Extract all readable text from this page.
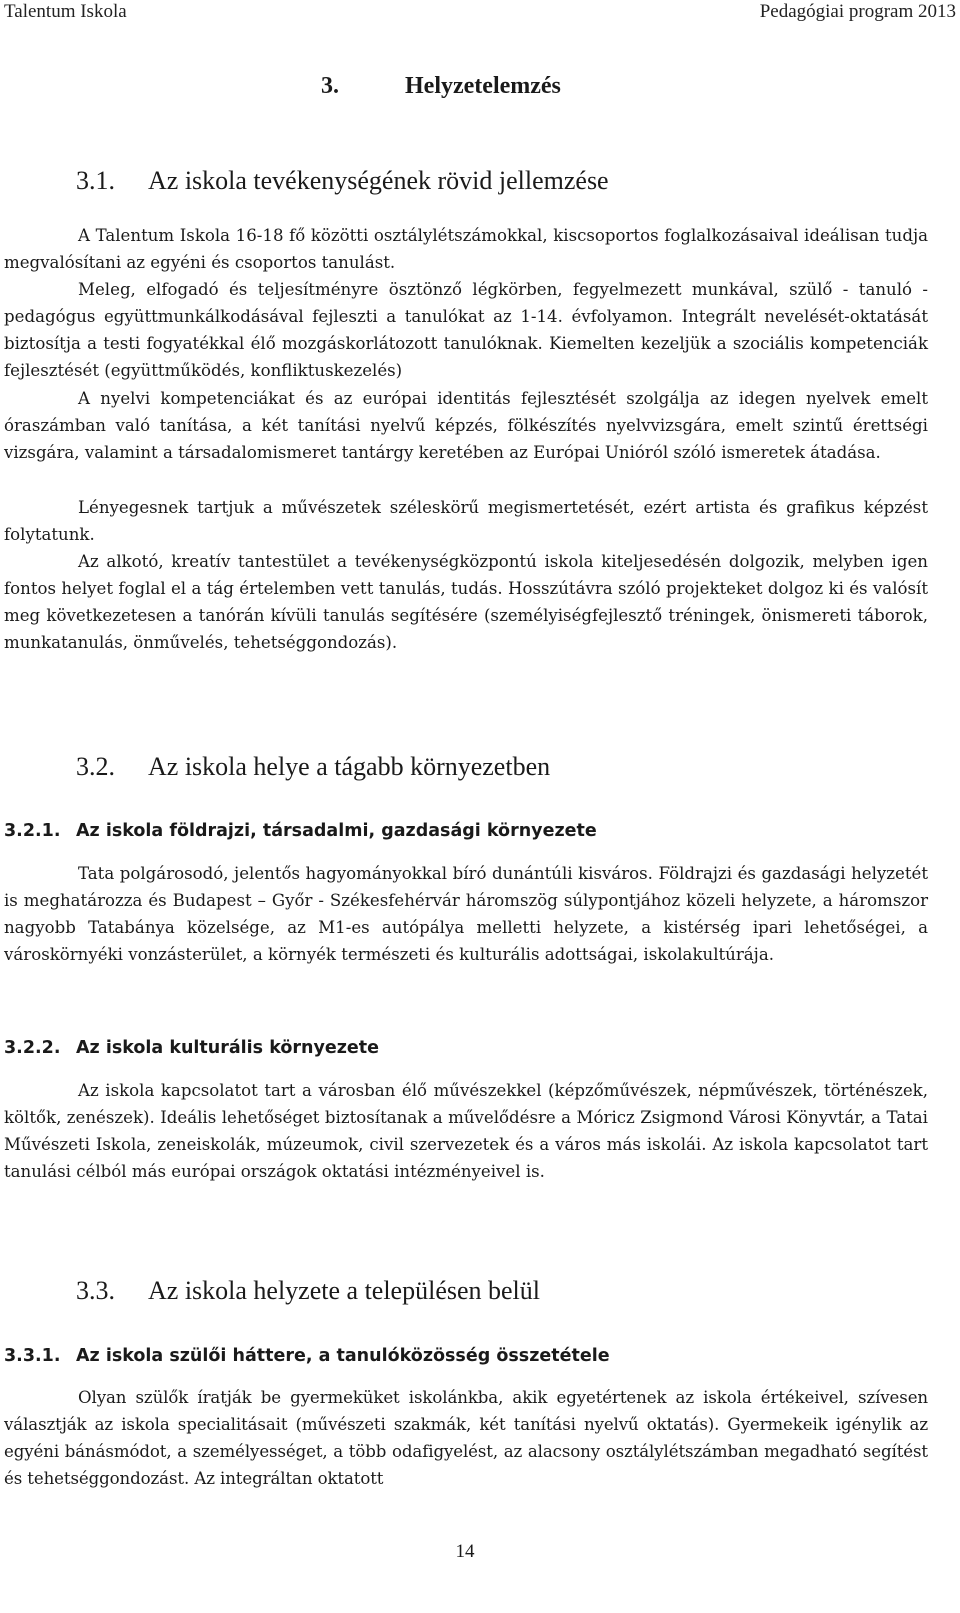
Talentum Iskola	Pedagógiai program 2013
3.	Helyzetelemzés
3.1. Az iskola tevékenységének rövid jellemzése

A Talentum Iskola 16-18 fő közötti osztálylétszámokkal, kiscsoportos foglalkozásaival ideálisan tudja megvalósítani az egyéni és csoportos tanulást.

Meleg, elfogadó és teljesítményre ösztönző légkörben, fegyelmezett munkával, szülő - tanuló - pedagógus együttmunkálkodásával fejleszti a tanulókat az 1-14. évfolyamon. Integrált nevelését-oktatását biztosítja a testi fogyatékkal élő mozgáskorlátozott tanulóknak. Kiemelten kezeljük a szociális kompetenciák fejlesztését (együttműködés, konfliktuskezelés)

A nyelvi kompetenciákat és az európai identitás fejlesztését szolgálja az idegen nyelvek emelt óraszámban való tanítása, a két tanítási nyelvű képzés, fölkészítés nyelvvizsgára, emelt szintű érettségi vizsgára, valamint a társadalomismeret tantárgy keretében az Európai Unióról szóló ismeretek átadása.

Lényegesnek tartjuk a művészetek széleskörű megismertetését, ezért artista és grafikus képzést folytatunk.

Az alkotó, kreatív tantestület a tevékenységközpontú iskola kiteljesedésén dolgozik, melyben igen fontos helyet foglal el a tág értelemben vett tanulás, tudás. Hosszútávra szóló projekteket dolgoz ki és valósít meg következetesen a tanórán kívüli tanulás segítésére (személyiségfejlesztő tréningek, önismereti táborok, munkatanulás, önművelés, tehetséggondozás).

3.2. Az iskola helye a tágabb környezetben
3.2.1. Az iskola földrajzi, társadalmi, gazdasági környezete

Tata polgárosodó, jelentős hagyományokkal bíró dunántúli kisváros. Földrajzi és gazdasági helyzetét is meghatározza és Budapest – Győr - Székesfehérvár háromszög súlypontjához közeli helyzete, a háromszor nagyobb Tatabánya közelsége, az M1-es autópálya melletti helyzete, a kistérség ipari lehetőségei, a városkörnyéki vonzásterület, a környék természeti és kulturális adottságai, iskolakultúrája.

3.2.2. Az iskola kulturális környezete

Az iskola kapcsolatot tart a városban élő művészekkel (képzőművészek, népművészek, történészek, költők, zenészek). Ideális lehetőséget biztosítanak a művelődésre a Móricz Zsigmond Városi Könyvtár, a Tatai Művészeti Iskola, zeneiskolák, múzeumok, civil szervezetek és a város más iskolái. Az iskola kapcsolatot tart tanulási célból más európai országok oktatási intézményeivel is.

3.3. Az iskola helyzete a településen belül
3.3.1. Az iskola szülői háttere, a tanulóközösség összetétele

Olyan szülők íratják be gyermeküket iskolánkba, akik egyetértenek az iskola értékeivel, szívesen választják az iskola specialitásait (művészeti szakmák, két tanítási nyelvű oktatás). Gyermekeik igénylik az egyéni bánásmódot, a személyességet, a több odafigyelést, az alacsony osztálylétszámban megadható segítést és tehetséggondozást. Az integráltan oktatott

14
